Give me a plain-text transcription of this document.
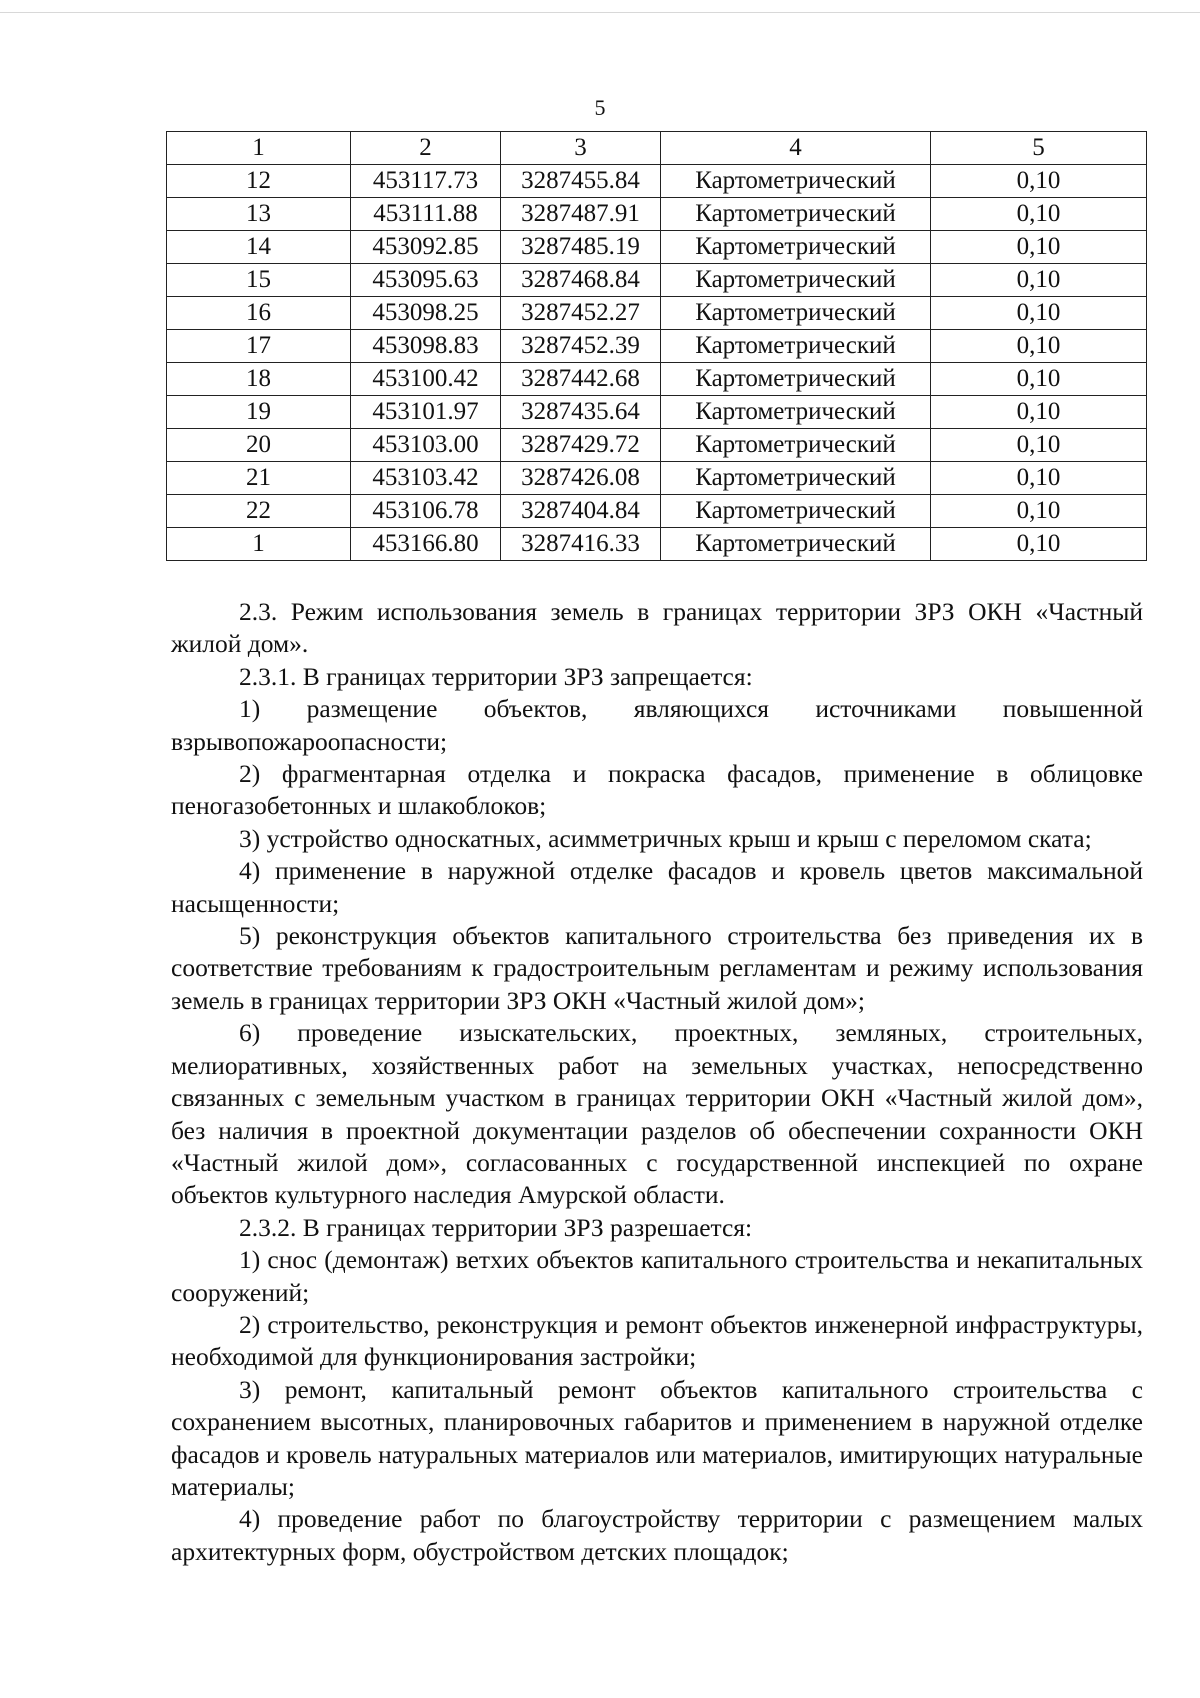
5
1	2	3	4	5
12	453117.73	3287455.84	Картометрический	0,10
13	453111.88	3287487.91	Картометрический	0,10
14	453092.85	3287485.19	Картометрический	0,10
15	453095.63	3287468.84	Картометрический	0,10
16	453098.25	3287452.27	Картометрический	0,10
17	453098.83	3287452.39	Картометрический	0,10
18	453100.42	3287442.68	Картометрический	0,10
19	453101.97	3287435.64	Картометрический	0,10
20	453103.00	3287429.72	Картометрический	0,10
21	453103.42	3287426.08	Картометрический	0,10
22	453106.78	3287404.84	Картометрический	0,10
1	453166.80	3287416.33	Картометрический	0,10

2.3. Режим использования земель в границах территории ЗРЗ ОКН «Частный жилой дом».

2.3.1. В границах территории ЗРЗ запрещается:

1) размещение объектов, являющихся источниками повышенной взрывопожароопасности;

2) фрагментарная отделка и покраска фасадов, применение в облицовке пеногазобетонных и шлакоблоков;

3) устройство односкатных, асимметричных крыш и крыш с переломом ската;

4) применение в наружной отделке фасадов и кровель цветов максимальной насыщенности;

5) реконструкция объектов капитального строительства без приведения их в соответствие требованиям к градостроительным регламентам и режиму использования земель в границах территории ЗРЗ ОКН «Частный жилой дом»;

6) проведение изыскательских, проектных, земляных, строительных, мелиоративных, хозяйственных работ на земельных участках, непосредственно связанных с земельным участком в границах территории ОКН «Частный жилой дом», без наличия в проектной документации разделов об обеспечении сохранности ОКН «Частный жилой дом», согласованных с государственной инспекцией по охране объектов культурного наследия Амурской области.

2.3.2. В границах территории ЗРЗ разрешается:

1) снос (демонтаж) ветхих объектов капитального строительства и некапитальных сооружений;

2) строительство, реконструкция и ремонт объектов инженерной инфраструктуры, необходимой для функционирования застройки;

3) ремонт, капитальный ремонт объектов капитального строительства с сохранением высотных, планировочных габаритов и применением в наружной отделке фасадов и кровель натуральных материалов или материалов, имитирующих натуральные материалы;

4) проведение работ по благоустройству территории с размещением малых архитектурных форм, обустройством детских площадок;
